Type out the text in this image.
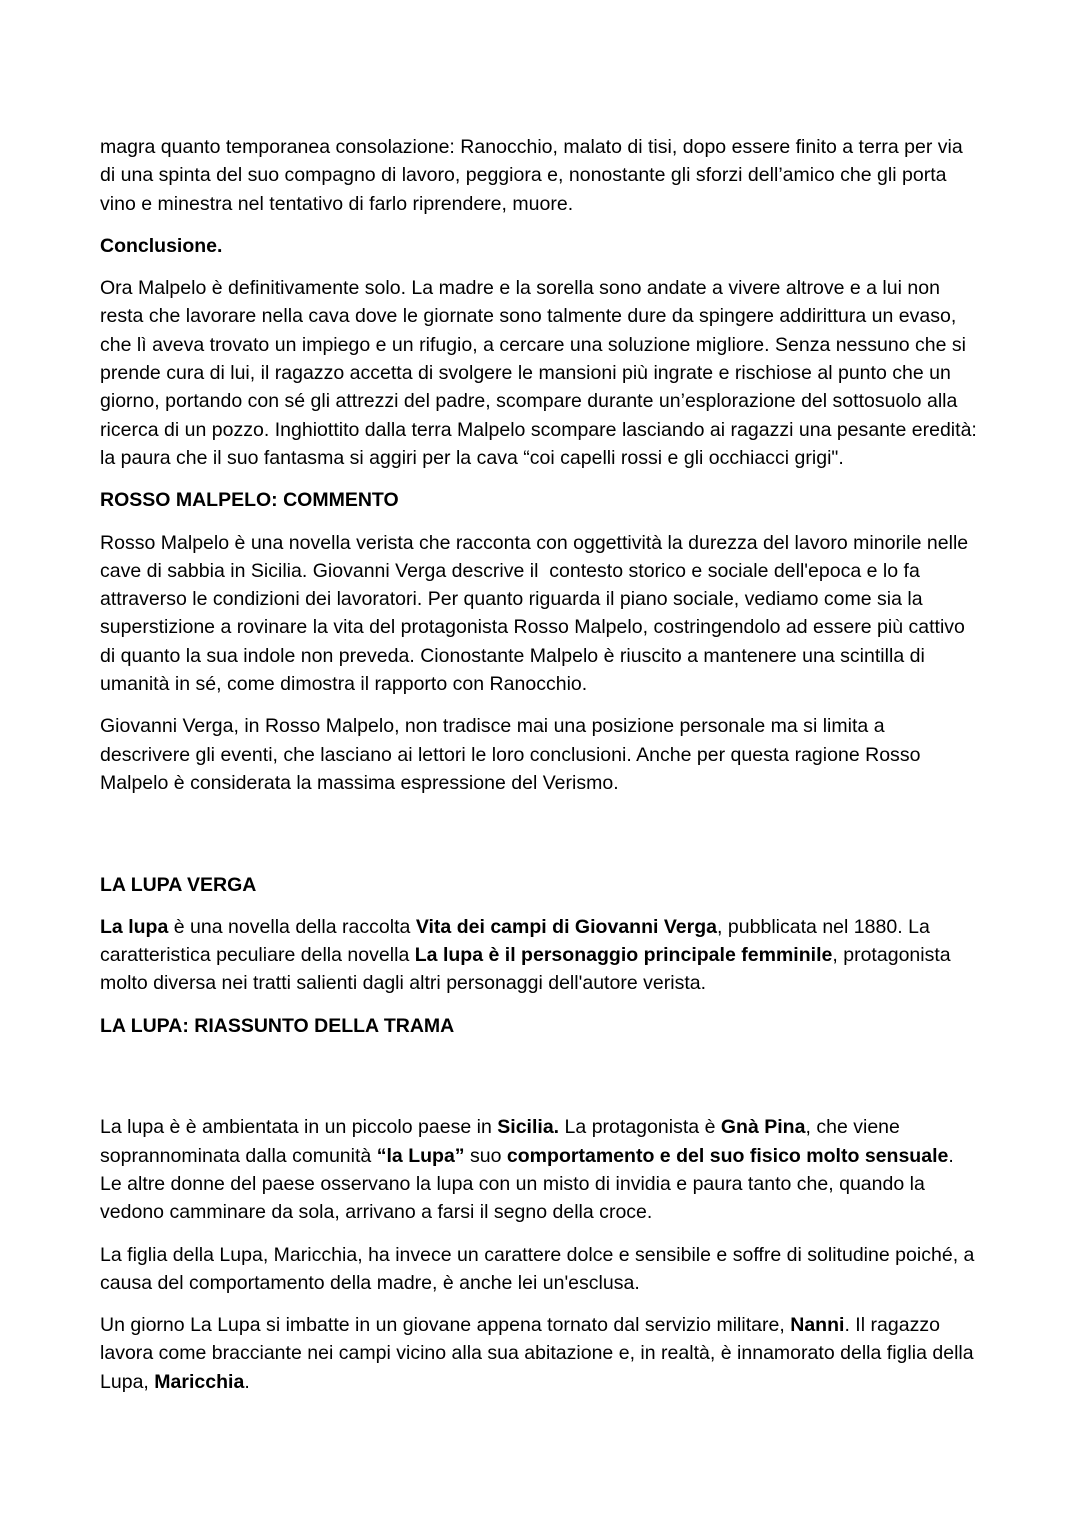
magra quanto temporanea consolazione: Ranocchio, malato di tisi, dopo essere finito a terra per via di una spinta del suo compagno di lavoro, peggiora e, nonostante gli sforzi dell’amico che gli porta vino e minestra nel tentativo di farlo riprendere, muore.

Conclusione.

Ora Malpelo è definitivamente solo. La madre e la sorella sono andate a vivere altrove e a lui non resta che lavorare nella cava dove le giornate sono talmente dure da spingere addirittura un evaso, che lì aveva trovato un impiego e un rifugio, a cercare una soluzione migliore. Senza nessuno che si prende cura di lui, il ragazzo accetta di svolgere le mansioni più ingrate e rischiose al punto che un giorno, portando con sé gli attrezzi del padre, scompare durante un’esplorazione del sottosuolo alla ricerca di un pozzo. Inghiottito dalla terra Malpelo scompare lasciando ai ragazzi una pesante eredità: la paura che il suo fantasma si aggiri per la cava “coi capelli rossi e gli occhiacci grigi".

ROSSO MALPELO: COMMENTO

Rosso Malpelo è una novella verista che racconta con oggettività la durezza del lavoro minorile nelle cave di sabbia in Sicilia. Giovanni Verga descrive il  contesto storico e sociale dell'epoca e lo fa attraverso le condizioni dei lavoratori. Per quanto riguarda il piano sociale, vediamo come sia la superstizione a rovinare la vita del protagonista Rosso Malpelo, costringendolo ad essere più cattivo di quanto la sua indole non preveda. Cionostante Malpelo è riuscito a mantenere una scintilla di umanità in sé, come dimostra il rapporto con Ranocchio.

Giovanni Verga, in Rosso Malpelo, non tradisce mai una posizione personale ma si limita a descrivere gli eventi, che lasciano ai lettori le loro conclusioni. Anche per questa ragione Rosso Malpelo è considerata la massima espressione del Verismo.

LA LUPA VERGA

La lupa è una novella della raccolta Vita dei campi di Giovanni Verga, pubblicata nel 1880. La caratteristica peculiare della novella La lupa è il personaggio principale femminile, protagonista molto diversa nei tratti salienti dagli altri personaggi dell'autore verista.

LA LUPA: RIASSUNTO DELLA TRAMA

La lupa è è ambientata in un piccolo paese in Sicilia. La protagonista è Gnà Pina, che viene soprannominata dalla comunità “la Lupa” suo comportamento e del suo fisico molto sensuale. Le altre donne del paese osservano la lupa con un misto di invidia e paura tanto che, quando la vedono camminare da sola, arrivano a farsi il segno della croce.

La figlia della Lupa, Maricchia, ha invece un carattere dolce e sensibile e soffre di solitudine poiché, a causa del comportamento della madre, è anche lei un'esclusa.

Un giorno La Lupa si imbatte in un giovane appena tornato dal servizio militare, Nanni. Il ragazzo lavora come bracciante nei campi vicino alla sua abitazione e, in realtà, è innamorato della figlia della Lupa, Maricchia.
